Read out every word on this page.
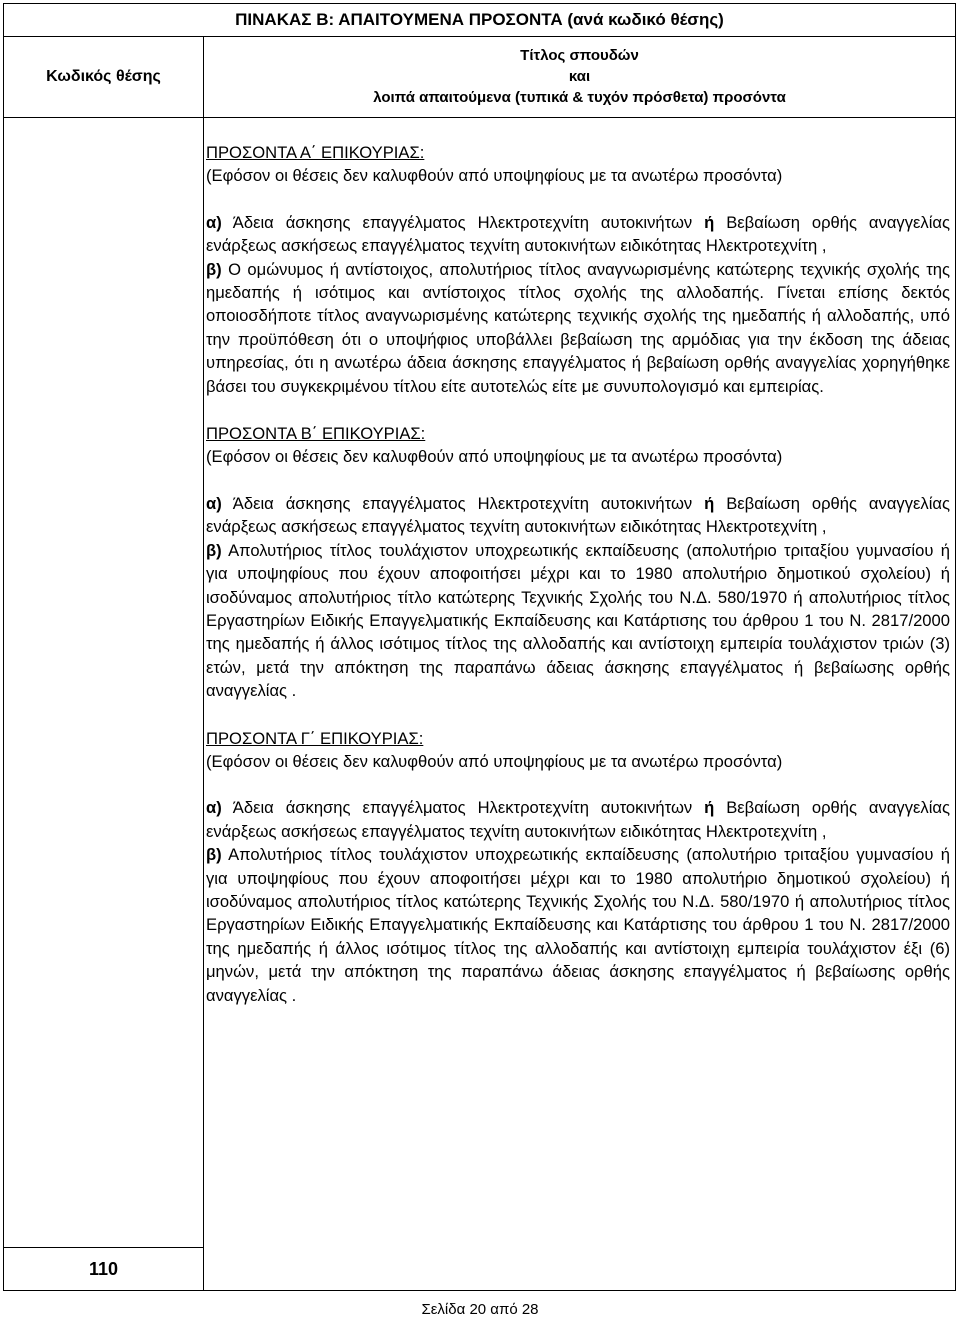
ΠΙΝΑΚΑΣ Β: ΑΠΑΙΤΟΥΜΕΝΑ ΠΡΟΣΟΝΤΑ (ανά κωδικό θέσης)
Κωδικός θέσης
Τίτλος σπουδών
και
λοιπά απαιτούμενα (τυπικά & τυχόν πρόσθετα) προσόντα
110
ΠΡΟΣΟΝΤΑ Α΄ ΕΠΙΚΟΥΡΙΑΣ:
(Εφόσον οι θέσεις δεν καλυφθούν από υποψηφίους με τα ανωτέρω προσόντα)
α) Άδεια άσκησης επαγγέλματος Ηλεκτροτεχνίτη αυτοκινήτων ή Βεβαίωση ορθής αναγγελίας ενάρξεως ασκήσεως επαγγέλματος τεχνίτη αυτοκινήτων ειδικότητας Ηλεκτροτεχνίτη ,
β) Ο ομώνυμος ή αντίστοιχος, απολυτήριος τίτλος αναγνωρισμένης κατώτερης τεχνικής σχολής της ημεδαπής ή ισότιμος και αντίστοιχος τίτλος σχολής της αλλοδαπής. Γίνεται επίσης δεκτός οποιοσδήποτε τίτλος αναγνωρισμένης κατώτερης τεχνικής σχολής της ημεδαπής ή αλλοδαπής, υπό την προϋπόθεση ότι ο υποψήφιος υποβάλλει βεβαίωση της αρμόδιας για την έκδοση της άδειας υπηρεσίας, ότι η ανωτέρω άδεια άσκησης επαγγέλματος ή βεβαίωση ορθής αναγγελίας χορηγήθηκε βάσει του συγκεκριμένου τίτλου είτε αυτοτελώς είτε με συνυπολογισμό και εμπειρίας.
ΠΡΟΣΟΝΤΑ Β΄ ΕΠΙΚΟΥΡΙΑΣ:
(Εφόσον οι θέσεις δεν καλυφθούν από υποψηφίους με τα ανωτέρω προσόντα)
α) Άδεια άσκησης επαγγέλματος Ηλεκτροτεχνίτη αυτοκινήτων ή Βεβαίωση ορθής αναγγελίας ενάρξεως ασκήσεως επαγγέλματος τεχνίτη αυτοκινήτων ειδικότητας Ηλεκτροτεχνίτη ,
β) Απολυτήριος τίτλος τουλάχιστον υποχρεωτικής εκπαίδευσης (απολυτήριο τριταξίου γυμνασίου ή για υποψηφίους που έχουν αποφοιτήσει μέχρι και το 1980 απολυτήριο δημοτικού σχολείου) ή ισοδύναμος απολυτήριος τίτλο κατώτερης Τεχνικής Σχολής του Ν.Δ. 580/1970 ή απολυτήριος τίτλος Εργαστηρίων Ειδικής Επαγγελματικής Εκπαίδευσης και Κατάρτισης του άρθρου 1 του Ν. 2817/2000 της ημεδαπής ή άλλος ισότιμος τίτλος της αλλοδαπής και αντίστοιχη εμπειρία τουλάχιστον τριών (3) ετών, μετά την απόκτηση της παραπάνω άδειας άσκησης επαγγέλματος ή βεβαίωσης ορθής αναγγελίας .
ΠΡΟΣΟΝΤΑ Γ΄ ΕΠΙΚΟΥΡΙΑΣ:
(Εφόσον οι θέσεις δεν καλυφθούν από υποψηφίους με τα ανωτέρω προσόντα)
α) Άδεια άσκησης επαγγέλματος Ηλεκτροτεχνίτη αυτοκινήτων ή Βεβαίωση ορθής αναγγελίας ενάρξεως ασκήσεως επαγγέλματος τεχνίτη αυτοκινήτων ειδικότητας Ηλεκτροτεχνίτη ,
β) Απολυτήριος τίτλος τουλάχιστον υποχρεωτικής εκπαίδευσης (απολυτήριο τριταξίου γυμνασίου ή για υποψηφίους που έχουν αποφοιτήσει μέχρι και το 1980 απολυτήριο δημοτικού σχολείου) ή ισοδύναμος απολυτήριος τίτλος κατώτερης Τεχνικής Σχολής του Ν.Δ. 580/1970 ή απολυτήριος τίτλος Εργαστηρίων Ειδικής Επαγγελματικής Εκπαίδευσης και Κατάρτισης του άρθρου 1 του Ν. 2817/2000 της ημεδαπής ή άλλος ισότιμος τίτλος της αλλοδαπής και αντίστοιχη εμπειρία τουλάχιστον έξι (6) μηνών, μετά την απόκτηση της παραπάνω άδειας άσκησης επαγγέλματος ή βεβαίωσης ορθής αναγγελίας .
Σελίδα 20 από 28
